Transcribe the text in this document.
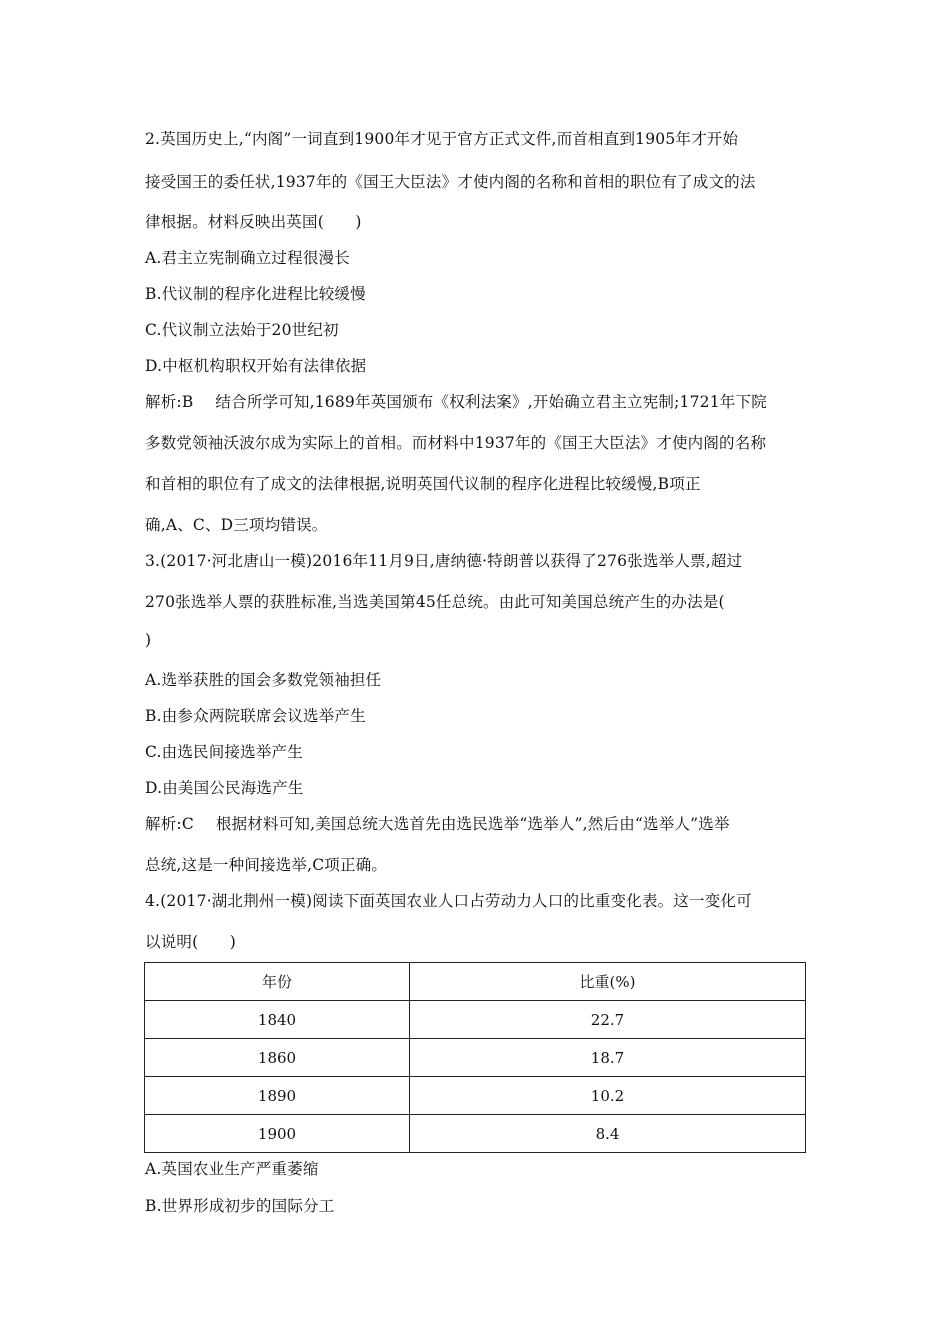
2.英国历史上,“内阁”一词直到1900年才见于官方正式文件,而首相直到1905年才开始
接受国王的委任状,1937年的《国王大臣法》才使内阁的名称和首相的职位有了成文的法
律根据。材料反映出英国(　　)
A.君主立宪制确立过程很漫长
B.代议制的程序化进程比较缓慢
C.代议制立法始于20世纪初
D.中枢机构职权开始有法律依据
解析:B 结合所学可知,1689年英国颁布《权利法案》,开始确立君主立宪制;1721年下院
多数党领袖沃波尔成为实际上的首相。而材料中1937年的《国王大臣法》才使内阁的名称
和首相的职位有了成文的法律根据,说明英国代议制的程序化进程比较缓慢,B项正
确,A、C、D三项均错误。
3.(2017·河北唐山一模)2016年11月9日,唐纳德·特朗普以获得了276张选举人票,超过
270张选举人票的获胜标准,当选美国第45任总统。由此可知美国总统产生的办法是(
)
A.选举获胜的国会多数党领袖担任
B.由参众两院联席会议选举产生
C.由选民间接选举产生
D.由美国公民海选产生
解析:C 根据材料可知,美国总统大选首先由选民选举“选举人”,然后由“选举人”选举
总统,这是一种间接选举,C项正确。
4.(2017·湖北荆州一模)阅读下面英国农业人口占劳动力人口的比重变化表。这一变化可
以说明(　　)
年份	比重(%)
1840	22.7
1860	18.7
1890	10.2
1900	8.4
A.英国农业生产严重萎缩
B.世界形成初步的国际分工
